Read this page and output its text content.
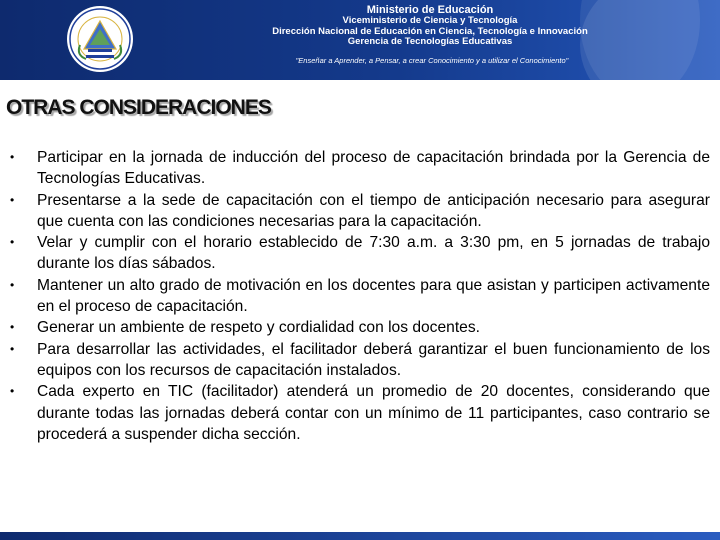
Ministerio de Educación
Viceministerio de Ciencia y Tecnología
Dirección Nacional de Educación en Ciencia, Tecnología e Innovación
Gerencia de Tecnologías Educativas
"Enseñar a Aprender, a Pensar, a crear Conocimiento y a utilizar el Conocimiento"
OTRAS CONSIDERACIONES
• Participar en la jornada de inducción del proceso de capacitación brindada por la Gerencia de Tecnologías Educativas.
• Presentarse a la sede de capacitación con el tiempo de anticipación necesario para asegurar que cuenta con las condiciones necesarias para la capacitación.
• Velar y cumplir con el horario establecido de 7:30 a.m. a 3:30 pm, en 5 jornadas de trabajo durante los días sábados.
• Mantener un alto grado de motivación en los docentes para que asistan y participen activamente en el proceso de capacitación.
• Generar un ambiente de respeto y cordialidad con los docentes.
• Para desarrollar las actividades, el facilitador deberá garantizar el buen funcionamiento de los equipos con los recursos de capacitación instalados.
• Cada experto en TIC (facilitador) atenderá un promedio de 20 docentes, considerando que durante todas las jornadas deberá contar con un mínimo de 11 participantes, caso contrario se procederá a suspender dicha sección.
